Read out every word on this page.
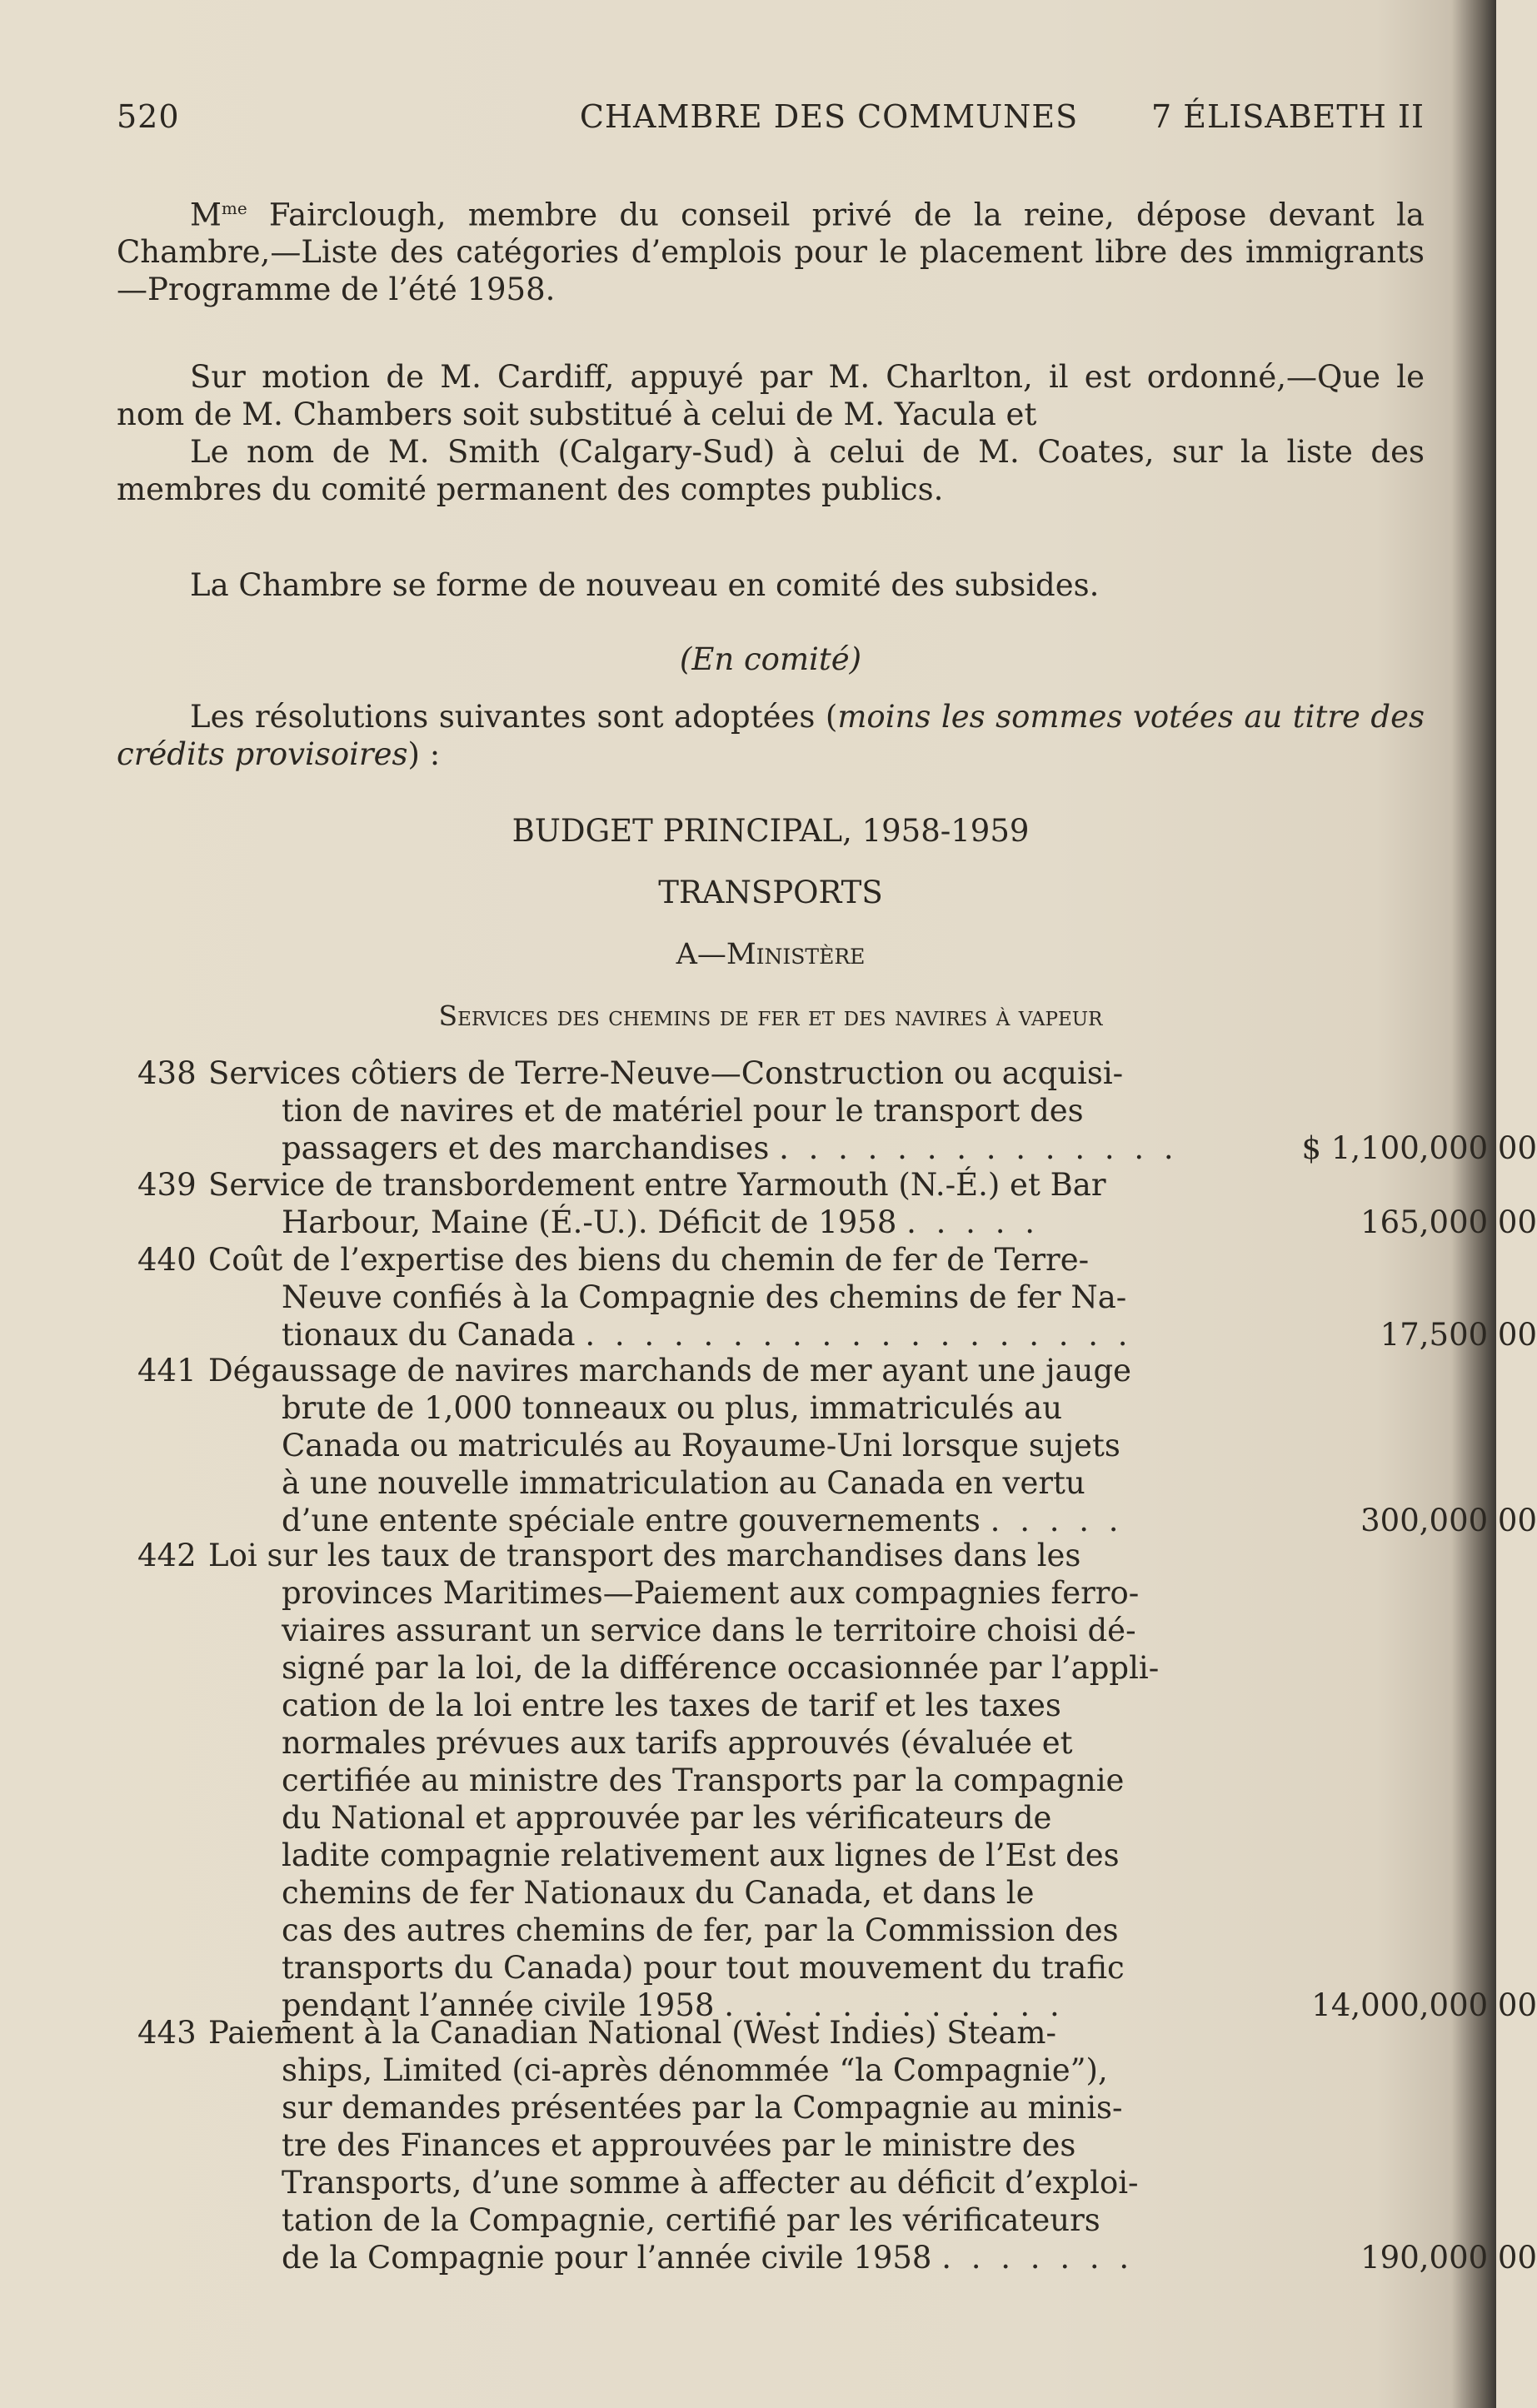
520	CHAMBRE DES COMMUNES	7 ÉLISABETH II

$M^{me}$ Fairclough, membre du conseil privé de la reine, dépose devant la Chambre,—Liste des catégories d’emplois pour le placement libre des immigrants—Programme de l’été 1958.

Sur motion de M. Cardiff, appuyé par M. Charlton, il est ordonné,—Que le nom de M. Chambers soit substitué à celui de M. Yacula et

Le nom de M. Smith (Calgary-Sud) à celui de M. Coates, sur la liste des membres du comité permanent des comptes publics.

La Chambre se forme de nouveau en comité des subsides.

(En comité)

Les résolutions suivantes sont adoptées (moins les sommes votées au titre des crédits provisoires) :

BUDGET PRINCIPAL, 1958-1959
TRANSPORTS
A—Ministère
Services des chemins de fer et des navires à vapeur
438 Services côtiers de Terre-Neuve—Construction ou acquisi-
tion de navires et de matériel pour le transport des
passagers et des marchandises . . . . . . . . . . . . . .	$ 1,100,000 00
439 Service de transbordement entre Yarmouth (N.-É.) et Bar
Harbour, Maine (É.-U.). Déficit de 1958 . . . . .	165,000 00
440 Coût de l’expertise des biens du chemin de fer de Terre-
Neuve confiés à la Compagnie des chemins de fer Na-
tionaux du Canada . . . . . . . . . . . . . . . . . . .	17,500 00
441 Dégaussage de navires marchands de mer ayant une jauge
brute de 1,000 tonneaux ou plus, immatriculés au
Canada ou matriculés au Royaume-Uni lorsque sujets
à une nouvelle immatriculation au Canada en vertu
d’une entente spéciale entre gouvernements . . . . .	300,000 00
442 Loi sur les taux de transport des marchandises dans les
provinces Maritimes—Paiement aux compagnies ferro-
viaires assurant un service dans le territoire choisi dé-
signé par la loi, de la différence occasionnée par l’appli-
cation de la loi entre les taxes de tarif et les taxes
normales prévues aux tarifs approuvés (évaluée et
certifiée au ministre des Transports par la compagnie
du National et approuvée par les vérificateurs de
ladite compagnie relativement aux lignes de l’Est des
chemins de fer Nationaux du Canada, et dans le
cas des autres chemins de fer, par la Commission des
transports du Canada) pour tout mouvement du trafic
pendant l’année civile 1958 . . . . . . . . . . . .	14,000,000 00
443 Paiement à la Canadian National (West Indies) Steam-
ships, Limited (ci-après dénommée “la Compagnie”),
sur demandes présentées par la Compagnie au minis-
tre des Finances et approuvées par le ministre des
Transports, d’une somme à affecter au déficit d’exploi-
tation de la Compagnie, certifié par les vérificateurs
de la Compagnie pour l’année civile 1958 . . . . . . .	190,000 00
